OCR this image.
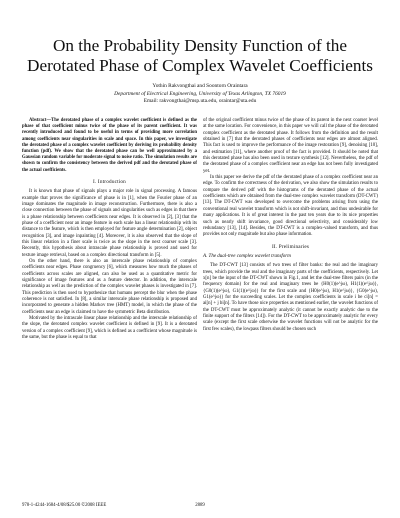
On the Probability Density Function of the
Derotated Phase of Complex Wavelet Coefficients
Yothin Rakvongthai and Soontorn Oraintara
Department of Electrical Engineering, University of Texas Arlington, TX 76019
Email: rakvongthai@msp.uta.edu, oraintar@uta.edu

Abstract—The derotated phase of a complex wavelet coefficient is defined as the phase of that coefficient minus twice of the phase of its parent coefficient. It was recently introduced and found to be useful in terms of providing more correlation among coefficients near singularities in scale and space. In this paper, we investigate the derotated phase of a complex wavelet coefficient by deriving its probability density function (pdf). We show that the derotated phase can be well approximated by a Gaussian random variable for moderate signal to noise ratio. The simulation results are shown to confirm the consistency between the derived pdf and the derotated phase of the actual coefficients.

I. Introduction

It is known that phase of signals plays a major role in signal processing. A famous example that proves the significance of phase is in [1], when the Fourier phase of an image dominates the magnitude in image reconstruction. Furthermore, there is also a close connection between the phase of signals and singularities such as edges in that there is a phase relationship between coefficients near edges. It is observed in [2], [3] that the phase of a coefficient near an image feature in each scale has a linear relationship with its distance to the feature, which is then employed for feature angle determination [2], object recognition [3], and image inpainting [4]. Moreover, it is also observed that the slope of this linear relation in a finer scale is twice as the slope in the next coarser scale [3]. Recently, this hypothesis about intrascale phase relationship is proved and used for texture image retrieval, based on a complex directional transform in [5].

On the other hand, there is also an interscale phase relationship of complex coefficients near edges. Phase congruency [6], which measures how much the phases of coefficients across scales are aligned, can also be used as a quantitative metric for significance of image features and as a feature detector. In addition, the interscale relationship as well as the prediction of the complex wavelet phases is investigated in [7]. This prediction is then used to hypothesize that humans percept the blur when the phase coherence is not satisfied. In [8], a similar interscale phase relationship is proposed and incorporated to generate a hidden Markov tree (HMT) model, in which the phase of the coefficients near an edge is claimed to have the symmetric Beta distribution.

Motivated by the intrascale linear phase relationship and the interscale relationship of the slope, the derotated complex wavelet coefficient is defined in [9]. It is a derotated version of a complex coefficient [9], which is defined as a coefficient whose magnitude is the same, but the phase is equal to that

of the original coefficient minus twice of the phase of its parent in the next coarser level at the same location. For convenience, in this paper we will call the phase of the derotated complex coefficient as the derotated phase. It follows from the definition and the result obtained in [7] that the derotated phases of coefficients near edges are almost aligned. This fact is used to improve the performance of the image restoration [9], denoising [10], and estimation [11], where another proof of the fact is provided. It should be noted that this derotated phase has also been used in texture synthesis [12]. Nevertheless, the pdf of the derotated phase of a complex coefficient near an edge has not been fully investigated yet.

In this paper we derive the pdf of the derotated phase of a complex coefficient near an edge. To confirm the correctness of the derivation, we also show the simulation results to compare the derived pdf with the histograms of the derotated phase of the actual coefficients which are obtained from the dual-tree complex wavelet transform (DT-CWT) [13]. The DT-CWT was developed to overcome the problems arising from using the conventional real wavelet transform which is not shift-invariant, and thus undesirable for many applications. It is of great interest in the past ten years due to its nice properties such as nearly shift invariance, good directional selectivity, and considerably low redundancy [13], [14]. Besides, the DT-CWT is a complex-valued transform, and thus provides not only magnitude but also phase information.

II. Preliminaries
A. The dual-tree complex wavelet transform

The DT-CWT [13] consists of two trees of filter banks: the real and the imaginary trees, which provide the real and the imaginary parts of the coefficients, respectively. Let x[n] be the input of the DT-CWT shown in Fig.1, and let the dual-tree filters pairs (in the frequency domain) for the real and imaginary trees be {H0(1)(e^jω), H1(1)(e^jω)}, {G0(1)(e^jω), G1(1)(e^jω)} for the first scale and {H0(e^jω), H1(e^jω)}, {G0(e^jω), G1(e^jω)} for the succeeding scales. Let the complex coefficients in scale i be ci[n] = ai[n] + j bi[n]. To have those nice properties as mentioned earlier, the wavelet functions of the DT-CWT must be approximately analytic (it cannot be exactly analytic due to the finite support of the filters [14]). For the DT-CWT to be approximately analytic for every scale (except the first scale otherwise the wavelet functions will not be analytic for the first few scales), the lowpass filters should be chosen such

978-1-4244-1684-4/08/$25.00 ©2008 IEEE	2889
